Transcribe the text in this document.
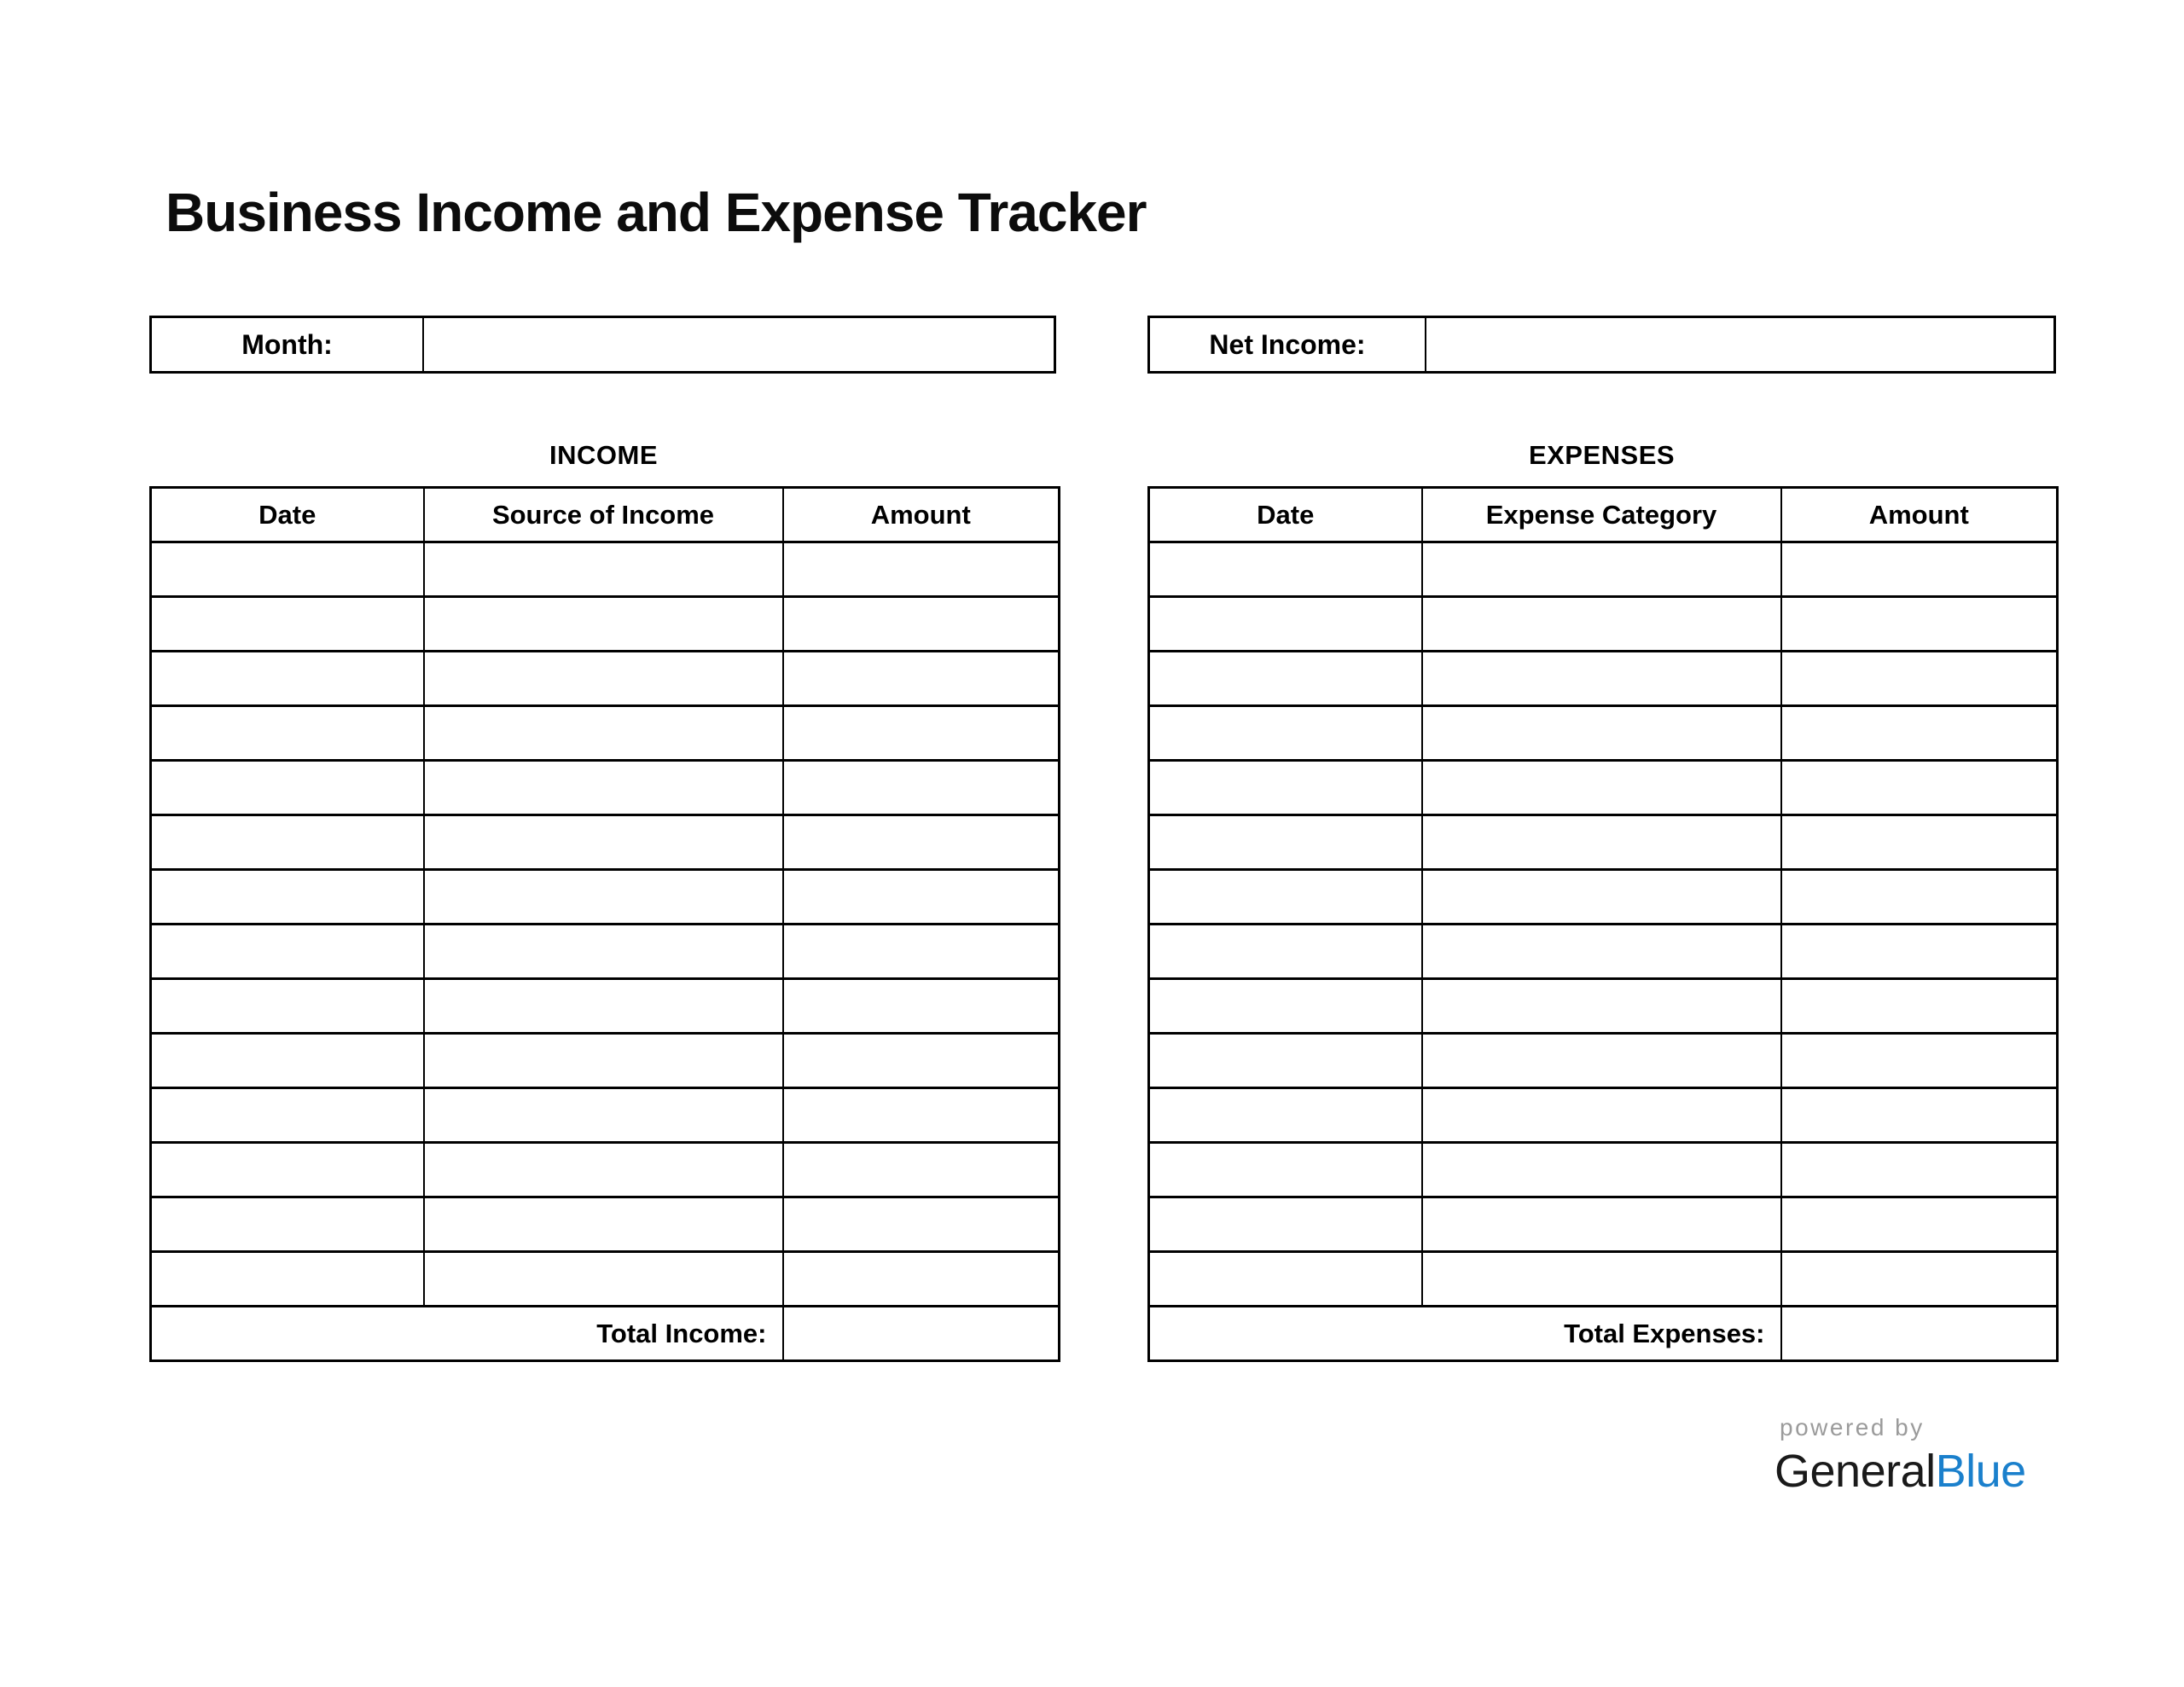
Business Income and Expense Tracker
Month:	Net Income:
INCOME
Date	Source of Income	Amount

Total Income:		
EXPENSES
Date	Expense Category	Amount

Total Expenses:		
powered by
GeneralBlue
